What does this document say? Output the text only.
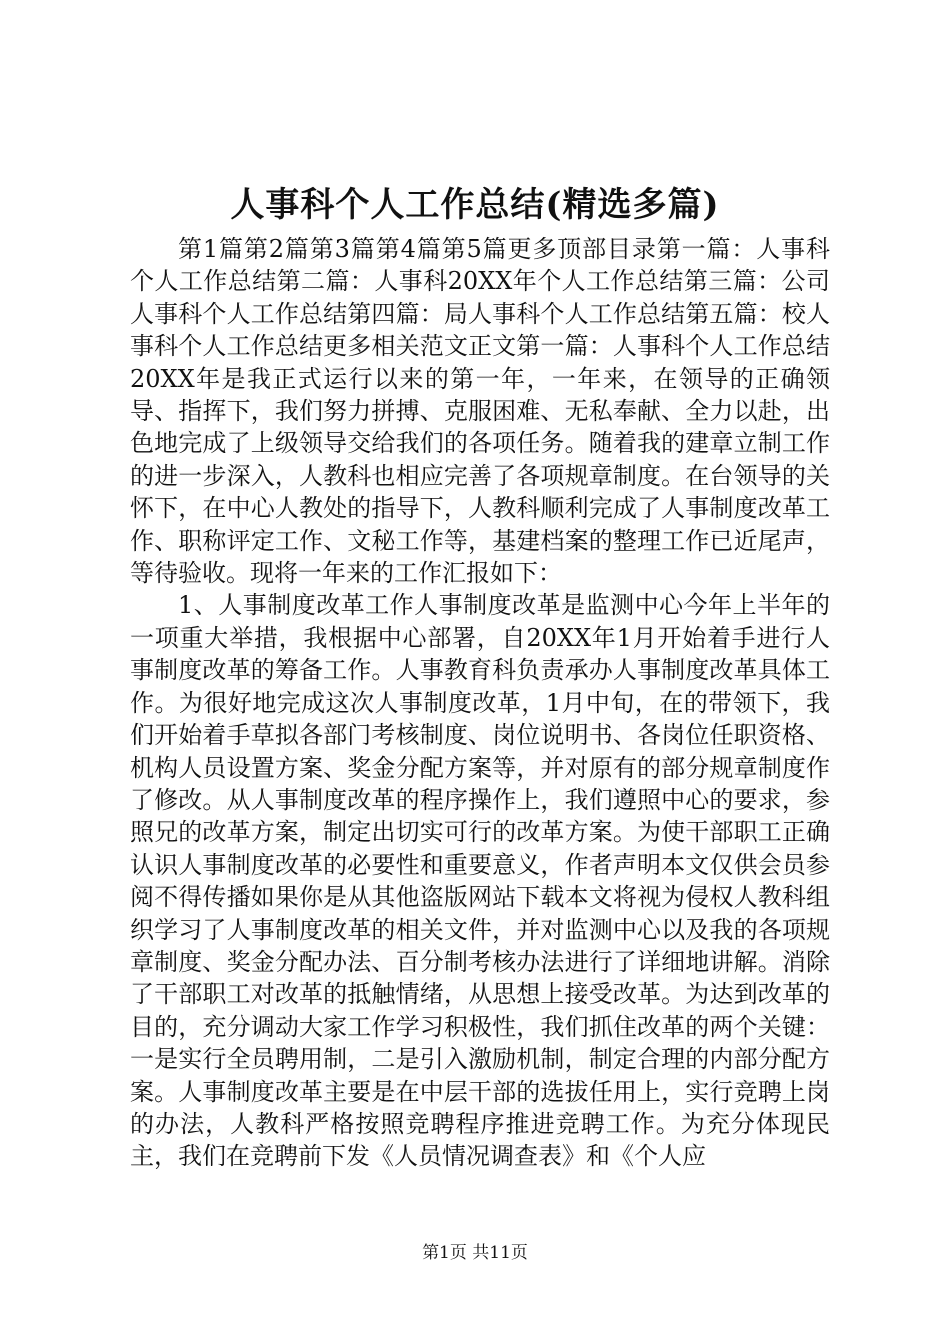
人事科个人工作总结(精选多篇)

第1篇第2篇第3篇第4篇第5篇更多顶部目录第一篇：人事科个人工作总结第二篇：人事科20XX年个人工作总结第三篇：公司人事科个人工作总结第四篇：局人事科个人工作总结第五篇：校人事科个人工作总结更多相关范文正文第一篇：人事科个人工作总结20XX年是我正式运行以来的第一年，一年来，在领导的正确领导、指挥下，我们努力拼搏、克服困难、无私奉献、全力以赴，出色地完成了上级领导交给我们的各项任务。随着我的建章立制工作的进一步深入，人教科也相应完善了各项规章制度。在台领导的关怀下，在中心人教处的指导下，人教科顺利完成了人事制度改革工作、职称评定工作、文秘工作等，基建档案的整理工作已近尾声，等待验收。现将一年来的工作汇报如下：

1、人事制度改革工作人事制度改革是监测中心今年上半年的一项重大举措，我根据中心部署，自20XX年1月开始着手进行人事制度改革的筹备工作。人事教育科负责承办人事制度改革具体工作。为很好地完成这次人事制度改革，1月中旬，在的带领下，我们开始着手草拟各部门考核制度、岗位说明书、各岗位任职资格、机构人员设置方案、奖金分配方案等，并对原有的部分规章制度作了修改。从人事制度改革的程序操作上，我们遵照中心的要求，参照兄的改革方案，制定出切实可行的改革方案。为使干部职工正确认识人事制度改革的必要性和重要意义，作者声明本文仅供会员参阅不得传播如果你是从其他盗版网站下载本文将视为侵权人教科组织学习了人事制度改革的相关文件，并对监测中心以及我的各项规章制度、奖金分配办法、百分制考核办法进行了详细地讲解。消除了干部职工对改革的抵触情绪，从思想上接受改革。为达到改革的目的，充分调动大家工作学习积极性，我们抓住改革的两个关键：一是实行全员聘用制，二是引入激励机制，制定合理的内部分配方案。人事制度改革主要是在中层干部的选拔任用上，实行竞聘上岗的办法，人教科严格按照竞聘程序推进竞聘工作。为充分体现民主，我们在竞聘前下发《人员情况调查表》和《个人应

第1页 共11页
